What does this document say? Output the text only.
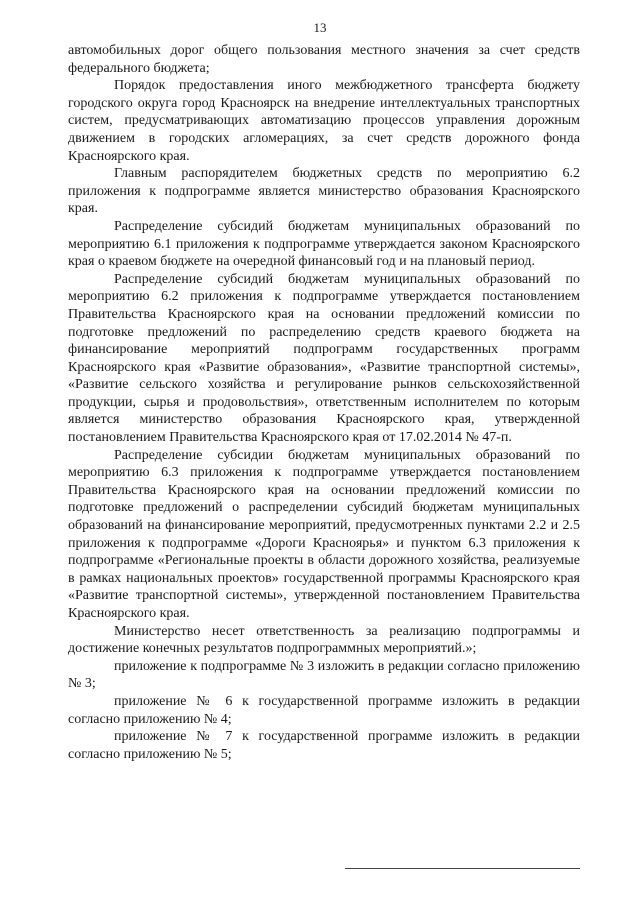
13

автомобильных дорог общего пользования местного значения за счет средств федерального бюджета;

Порядок предоставления иного межбюджетного трансферта бюджету городского округа город Красноярск на внедрение интеллектуальных транспортных систем, предусматривающих автоматизацию процессов управления дорожным движением в городских агломерациях, за счет средств дорожного фонда Красноярского края.

Главным распорядителем бюджетных средств по мероприятию 6.2 приложения к подпрограмме является министерство образования Красноярского края.

Распределение субсидий бюджетам муниципальных образований по мероприятию 6.1 приложения к подпрограмме утверждается законом Красноярского края о краевом бюджете на очередной финансовый год и на плановый период.

Распределение субсидий бюджетам муниципальных образований по мероприятию 6.2 приложения к подпрограмме утверждается постановлением Правительства Красноярского края на основании предложений комиссии по подготовке предложений по распределению средств краевого бюджета на финансирование мероприятий подпрограмм государственных программ Красноярского края «Развитие образования», «Развитие транспортной системы», «Развитие сельского хозяйства и регулирование рынков сельскохозяйственной продукции, сырья и продовольствия», ответственным исполнителем по которым является министерство образования Красноярского края, утвержденной постановлением Правительства Красноярского края от 17.02.2014 № 47-п.

Распределение субсидии бюджетам муниципальных образований по мероприятию 6.3 приложения к подпрограмме утверждается постановлением Правительства Красноярского края на основании предложений комиссии по подготовке предложений о распределении субсидий бюджетам муниципальных образований на финансирование мероприятий, предусмотренных пунктами 2.2 и 2.5 приложения к подпрограмме «Дороги Красноярья» и пунктом 6.3 приложения к подпрограмме «Региональные проекты в области дорожного хозяйства, реализуемые в рамках национальных проектов» государственной программы Красноярского края «Развитие транспортной системы», утвержденной постановлением Правительства Красноярского края.

Министерство несет ответственность за реализацию подпрограммы и достижение конечных результатов подпрограммных мероприятий.»;

приложение к подпрограмме № 3 изложить в редакции согласно приложению № 3;

приложение № 6 к государственной программе изложить в редакции согласно приложению № 4;

приложение № 7 к государственной программе изложить в редакции согласно приложению № 5;
